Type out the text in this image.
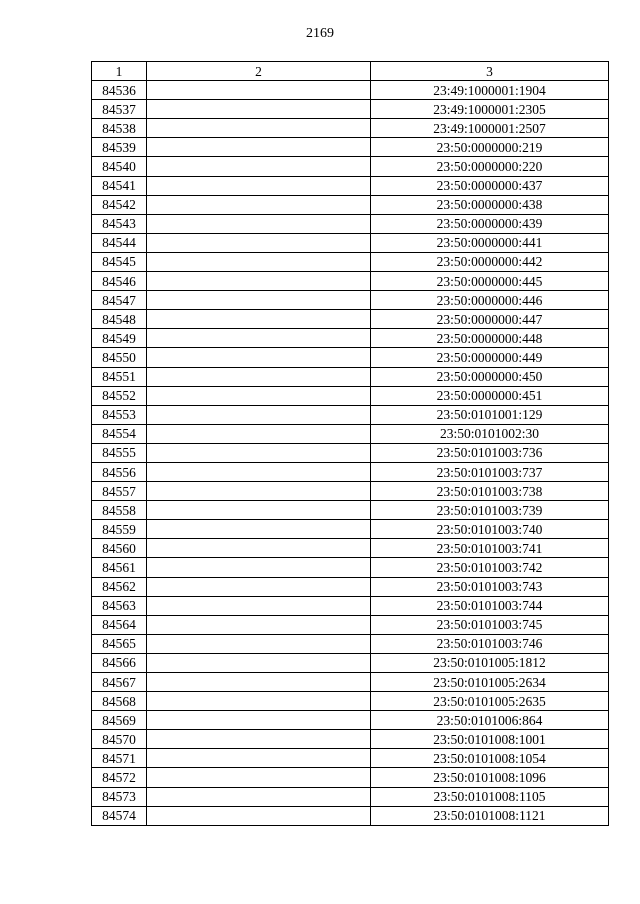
2169
1	2	3
84536		23:49:1000001:1904
84537		23:49:1000001:2305
84538		23:49:1000001:2507
84539		23:50:0000000:219
84540		23:50:0000000:220
84541		23:50:0000000:437
84542		23:50:0000000:438
84543		23:50:0000000:439
84544		23:50:0000000:441
84545		23:50:0000000:442
84546		23:50:0000000:445
84547		23:50:0000000:446
84548		23:50:0000000:447
84549		23:50:0000000:448
84550		23:50:0000000:449
84551		23:50:0000000:450
84552		23:50:0000000:451
84553		23:50:0101001:129
84554		23:50:0101002:30
84555		23:50:0101003:736
84556		23:50:0101003:737
84557		23:50:0101003:738
84558		23:50:0101003:739
84559		23:50:0101003:740
84560		23:50:0101003:741
84561		23:50:0101003:742
84562		23:50:0101003:743
84563		23:50:0101003:744
84564		23:50:0101003:745
84565		23:50:0101003:746
84566		23:50:0101005:1812
84567		23:50:0101005:2634
84568		23:50:0101005:2635
84569		23:50:0101006:864
84570		23:50:0101008:1001
84571		23:50:0101008:1054
84572		23:50:0101008:1096
84573		23:50:0101008:1105
84574		23:50:0101008:1121
